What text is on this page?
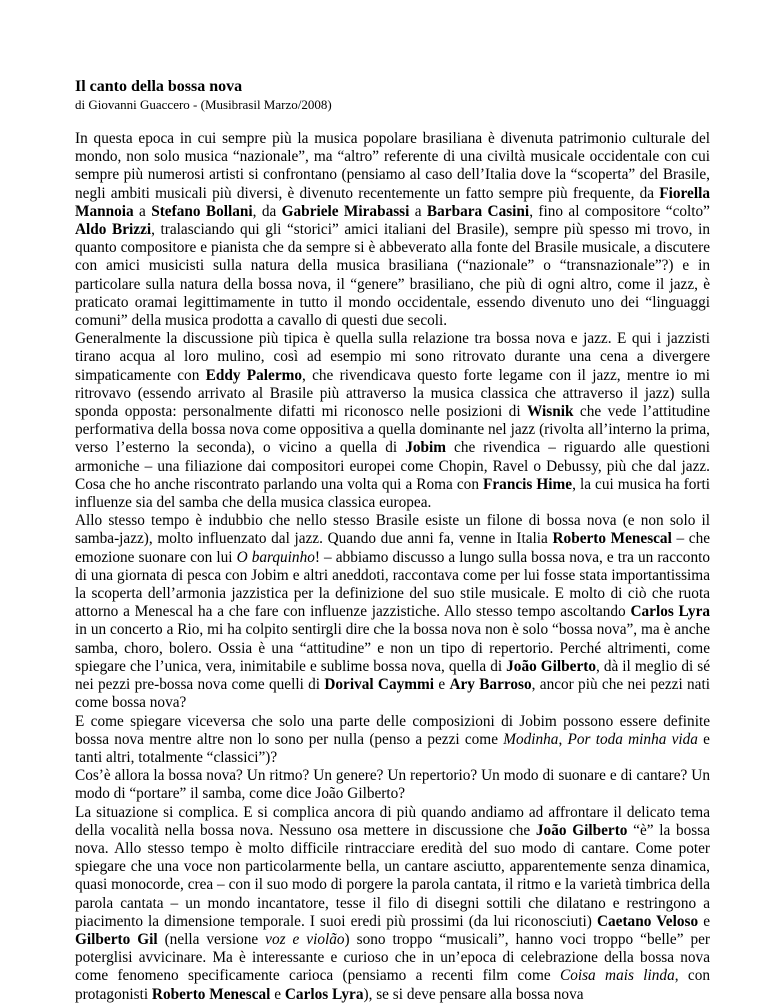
Il canto della bossa nova

di Giovanni Guaccero - (Musibrasil Marzo/2008)

In questa epoca in cui sempre più la musica popolare brasiliana è divenuta patrimonio culturale del mondo, non solo musica “nazionale”, ma “altro” referente di una civiltà musicale occidentale con cui sempre più numerosi artisti si confrontano (pensiamo al caso dell’Italia dove la “scoperta” del Brasile, negli ambiti musicali più diversi, è divenuto recentemente un fatto sempre più frequente, da Fiorella Mannoia a Stefano Bollani, da Gabriele Mirabassi a Barbara Casini, fino al compositore “colto” Aldo Brizzi, tralasciando qui gli “storici” amici italiani del Brasile), sempre più spesso mi trovo, in quanto compositore e pianista che da sempre si è abbeverato alla fonte del Brasile musicale, a discutere con amici musicisti sulla natura della musica brasiliana (“nazionale” o “transnazionale”?) e in particolare sulla natura della bossa nova, il “genere” brasiliano, che più di ogni altro, come il jazz, è praticato oramai legittimamente in tutto il mondo occidentale, essendo divenuto uno dei “linguaggi comuni” della musica prodotta a cavallo di questi due secoli.

Generalmente la discussione più tipica è quella sulla relazione tra bossa nova e jazz. E qui i jazzisti tirano acqua al loro mulino, così ad esempio mi sono ritrovato durante una cena a divergere simpaticamente con Eddy Palermo, che rivendicava questo forte legame con il jazz, mentre io mi ritrovavo (essendo arrivato al Brasile più attraverso la musica classica che attraverso il jazz) sulla sponda opposta: personalmente difatti mi riconosco nelle posizioni di Wisnik che vede l’attitudine performativa della bossa nova come oppositiva a quella dominante nel jazz (rivolta all’interno la prima, verso l’esterno la seconda), o vicino a quella di Jobim che rivendica – riguardo alle questioni armoniche – una filiazione dai compositori europei come Chopin, Ravel o Debussy, più che dal jazz. Cosa che ho anche riscontrato parlando una volta qui a Roma con Francis Hime, la cui musica ha forti influenze sia del samba che della musica classica europea.

Allo stesso tempo è indubbio che nello stesso Brasile esiste un filone di bossa nova (e non solo il samba-jazz), molto influenzato dal jazz. Quando due anni fa, venne in Italia Roberto Menescal – che emozione suonare con lui O barquinho! – abbiamo discusso a lungo sulla bossa nova, e tra un racconto di una giornata di pesca con Jobim e altri aneddoti, raccontava come per lui fosse stata importantissima la scoperta dell’armonia jazzistica per la definizione del suo stile musicale. E molto di ciò che ruota attorno a Menescal ha a che fare con influenze jazzistiche. Allo stesso tempo ascoltando Carlos Lyra in un concerto a Rio, mi ha colpito sentirgli dire che la bossa nova non è solo “bossa nova”, ma è anche samba, choro, bolero. Ossia è una “attitudine” e non un tipo di repertorio. Perché altrimenti, come spiegare che l’unica, vera, inimitabile e sublime bossa nova, quella di João Gilberto, dà il meglio di sé nei pezzi pre-bossa nova come quelli di Dorival Caymmi e Ary Barroso, ancor più che nei pezzi nati come bossa nova?

E come spiegare viceversa che solo una parte delle composizioni di Jobim possono essere definite bossa nova mentre altre non lo sono per nulla (penso a pezzi come Modinha, Por toda minha vida e tanti altri, totalmente “classici”)?

Cos’è allora la bossa nova? Un ritmo? Un genere? Un repertorio? Un modo di suonare e di cantare? Un modo di “portare” il samba, come dice João Gilberto?

La situazione si complica. E si complica ancora di più quando andiamo ad affrontare il delicato tema della vocalità nella bossa nova. Nessuno osa mettere in discussione che João Gilberto “è” la bossa nova. Allo stesso tempo è molto difficile rintracciare eredità del suo modo di cantare. Come poter spiegare che una voce non particolarmente bella, un cantare asciutto, apparentemente senza dinamica, quasi monocorde, crea – con il suo modo di porgere la parola cantata, il ritmo e la varietà timbrica della parola cantata – un mondo incantatore, tesse il filo di disegni sottili che dilatano e restringono a piacimento la dimensione temporale. I suoi eredi più prossimi (da lui riconosciuti) Caetano Veloso e Gilberto Gil (nella versione voz e violão) sono troppo “musicali”, hanno voci troppo “belle” per poterglisi avvicinare. Ma è interessante e curioso che in un’epoca di celebrazione della bossa nova come fenomeno specificamente carioca (pensiamo a recenti film come Coisa mais linda, con protagonisti Roberto Menescal e Carlos Lyra), se si deve pensare alla bossa nova
